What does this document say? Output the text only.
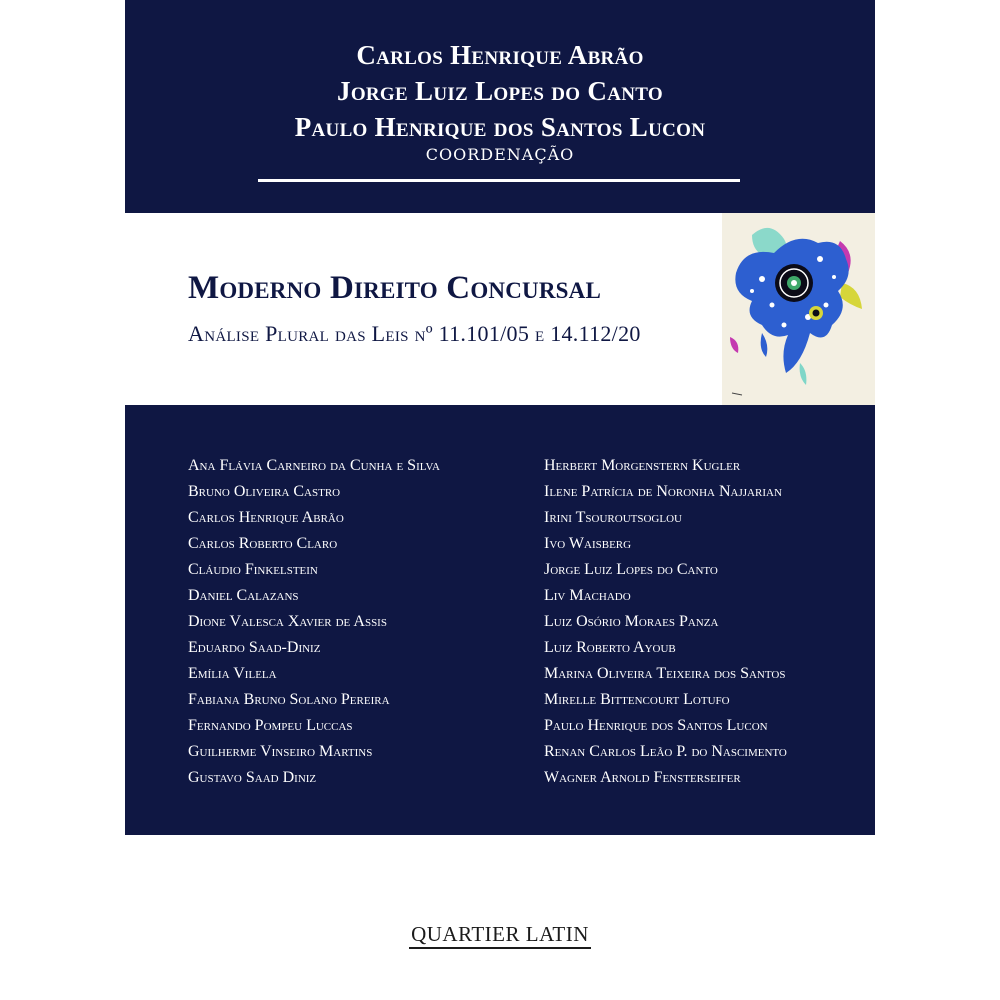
Carlos Henrique Abrão
Jorge Luiz Lopes do Canto
Paulo Henrique dos Santos Lucon
COORDENAÇÃO
Moderno Direito Concursal
Análise Plural das Leis nº 11.101/05 e 14.112/20
Ana Flávia Carneiro da Cunha e Silva
Bruno Oliveira Castro
Carlos Henrique Abrão
Carlos Roberto Claro
Cláudio Finkelstein
Daniel Calazans
Dione Valesca Xavier de Assis
Eduardo Saad-Diniz
Emília Vilela
Fabiana Bruno Solano Pereira
Fernando Pompeu Luccas
Guilherme Vinseiro Martins
Gustavo Saad Diniz
Herbert Morgenstern Kugler
Ilene Patrícia de Noronha Najjarian
Irini Tsouroutsoglou
Ivo Waisberg
Jorge Luiz Lopes do Canto
Liv Machado
Luiz Osório Moraes Panza
Luiz Roberto Ayoub
Marina Oliveira Teixeira dos Santos
Mirelle Bittencourt Lotufo
Paulo Henrique dos Santos Lucon
Renan Carlos Leão P. do Nascimento
Wagner Arnold Fensterseifer
QUARTIER LATIN
